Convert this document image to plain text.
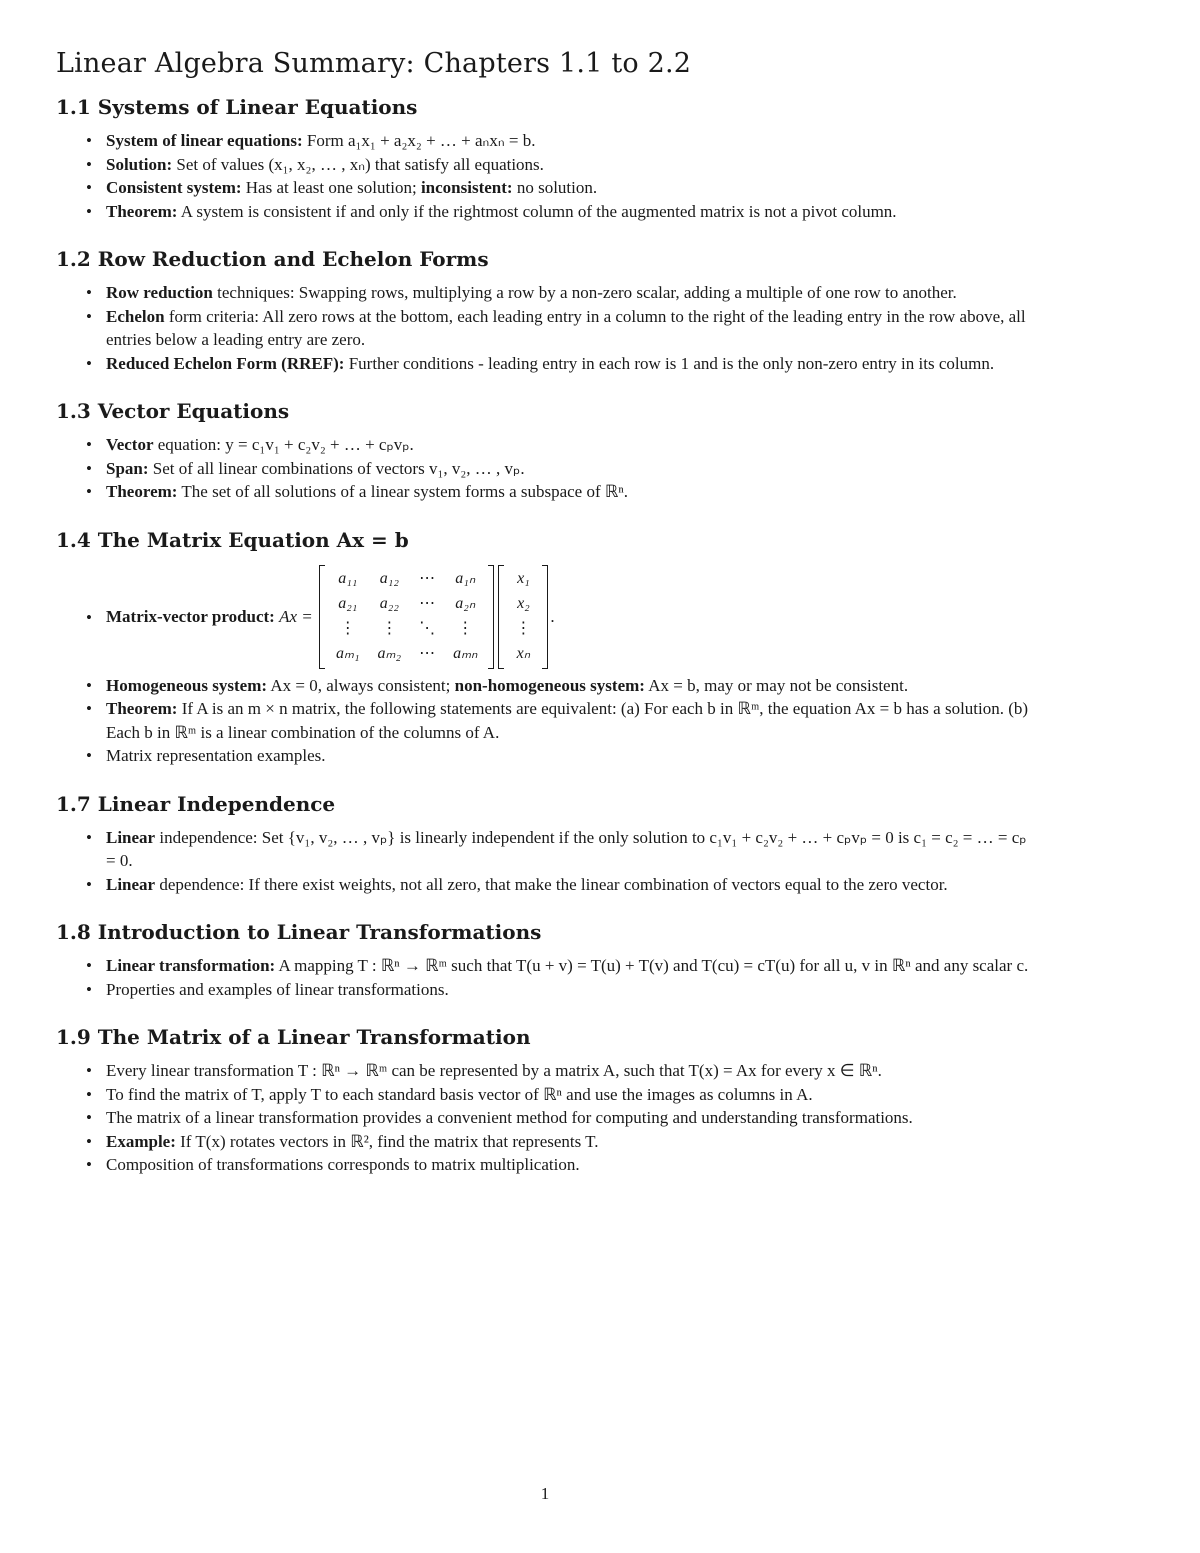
Linear Algebra Summary: Chapters 1.1 to 2.2
1.1 Systems of Linear Equations
• System of linear equations: Form a₁x₁ + a₂x₂ + … + aₙxₙ = b.
• Solution: Set of values (x₁, x₂, … , xₙ) that satisfy all equations.
• Consistent system: Has at least one solution; inconsistent: no solution.
• Theorem: A system is consistent if and only if the rightmost column of the augmented matrix is not a pivot column.
1.2 Row Reduction and Echelon Forms
• Row reduction techniques: Swapping rows, multiplying a row by a non-zero scalar, adding a multiple of one row to another.
• Echelon form criteria: All zero rows at the bottom, each leading entry in a column to the right of the leading entry in the row above, all entries below a leading entry are zero.
• Reduced Echelon Form (RREF): Further conditions - leading entry in each row is 1 and is the only non-zero entry in its column.
1.3 Vector Equations
• Vector equation: y = c₁v₁ + c₂v₂ + … + cₚvₚ.
• Span: Set of all linear combinations of vectors v₁, v₂, … , vₚ.
• Theorem: The set of all solutions of a linear system forms a subspace of ℝⁿ.
1.4 The Matrix Equation Ax = b
• Matrix-vector product:
Ax =

a₁₁	a₁₂	⋯	a₁ₙ
a₂₁	a₂₂	⋯	a₂ₙ
⋮	⋮	⋱	⋮
aₘ₁	aₘ₂	⋯	aₘₙ
x₁
x₂
⋮
xₙ
.
• Homogeneous system: Ax = 0, always consistent; non-homogeneous system: Ax = b, may or may not be consistent.
• Theorem: If A is an m × n matrix, the following statements are equivalent: (a) For each b in ℝᵐ, the equation Ax = b has a solution. (b) Each b in ℝᵐ is a linear combination of the columns of A.
• Matrix representation examples.
1.7 Linear Independence
• Linear independence: Set {v₁, v₂, … , vₚ} is linearly independent if the only solution to c₁v₁ + c₂v₂ + … + cₚvₚ = 0 is c₁ = c₂ = … = cₚ = 0.
• Linear dependence: If there exist weights, not all zero, that make the linear combination of vectors equal to the zero vector.
1.8 Introduction to Linear Transformations
• Linear transformation: A mapping T : ℝⁿ → ℝᵐ such that T(u + v) = T(u) + T(v) and T(cu) = cT(u) for all u, v in ℝⁿ and any scalar c.
• Properties and examples of linear transformations.
1.9 The Matrix of a Linear Transformation
• Every linear transformation T : ℝⁿ → ℝᵐ can be represented by a matrix A, such that T(x) = Ax for every x ∈ ℝⁿ.
• To find the matrix of T, apply T to each standard basis vector of ℝⁿ and use the images as columns in A.
• The matrix of a linear transformation provides a convenient method for computing and understanding transformations.
• Example: If T(x) rotates vectors in ℝ², find the matrix that represents T.
• Composition of transformations corresponds to matrix multiplication.
1
